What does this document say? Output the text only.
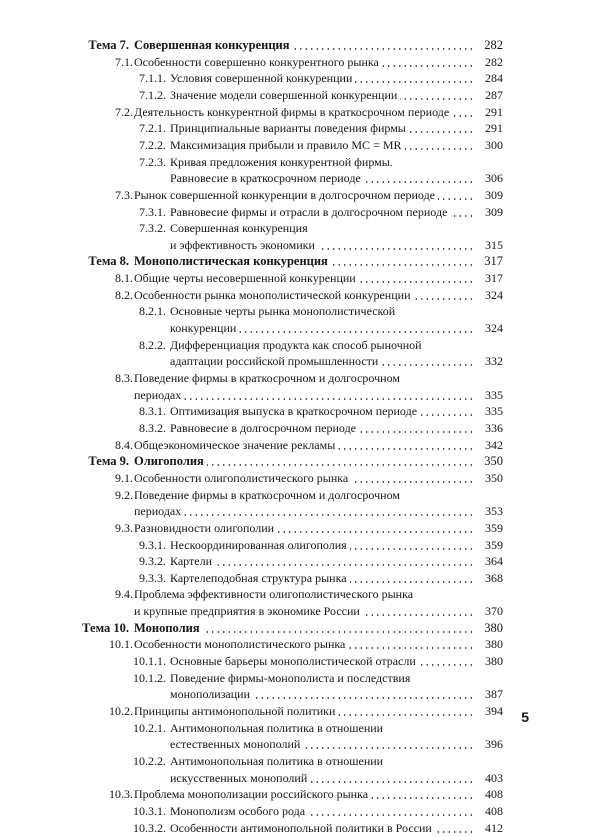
Тема 7. Совершенная конкуренция	282
7.1. Особенности совершенно конкурентного рынка	282
7.1.1. Условия совершенной конкуренции	284
7.1.2. Значение модели совершенной конкуренции	287
7.2. Деятельность конкурентной фирмы в краткосрочном периоде	291
7.2.1. Принципиальные варианты поведения фирмы	291
7.2.2. Максимизация прибыли и правило MC = MR	300
7.2.3. Кривая предложения конкурентной фирмы.
Равновесие в краткосрочном периоде	306
7.3. Рынок совершенной конкуренции в долгосрочном периоде	309
7.3.1. Равновесие фирмы и отрасли в долгосрочном периоде	309
7.3.2. Совершенная конкуренция
и эффективность экономики	315
Тема 8. Монополистическая конкуренция	317
8.1. Общие черты несовершенной конкуренции	317
8.2. Особенности рынка монополистической конкуренции	324
8.2.1. Основные черты рынка монополистической
конкуренции	324
8.2.2. Дифференциация продукта как способ рыночной
адаптации российской промышленности	332
8.3. Поведение фирмы в краткосрочном и долгосрочном
периодах	335
8.3.1. Оптимизация выпуска в краткосрочном периоде	335
8.3.2. Равновесие в долгосрочном периоде	336
8.4. Общеэкономическое значение рекламы	342
Тема 9. Олигополия	350
9.1. Особенности олигополистического рынка	350
9.2. Поведение фирмы в краткосрочном и долгосрочном
периодах	353
9.3. Разновидности олигополии	359
9.3.1. Нескоординированная олигополия	359
9.3.2. Картели	364
9.3.3. Картелеподобная структура рынка	368
9.4. Проблема эффективности олигополистического рынка
и крупные предприятия в экономике России	370
Тема 10. Монополия	380
10.1. Особенности монополистического рынка	380
10.1.1. Основные барьеры монополистической отрасли	380
10.1.2. Поведение фирмы-монополиста и последствия
монополизации	387
10.2. Принципы антимонопольной политики	394
10.2.1. Антимонопольная политика в отношении
естественных монополий	396
10.2.2. Антимонопольная политика в отношении
искусственных монополий	403
10.3. Проблема монополизации российского рынка	408
10.3.1. Монополизм особого рода	408
10.3.2. Особенности антимонопольной политики в России	412
5
